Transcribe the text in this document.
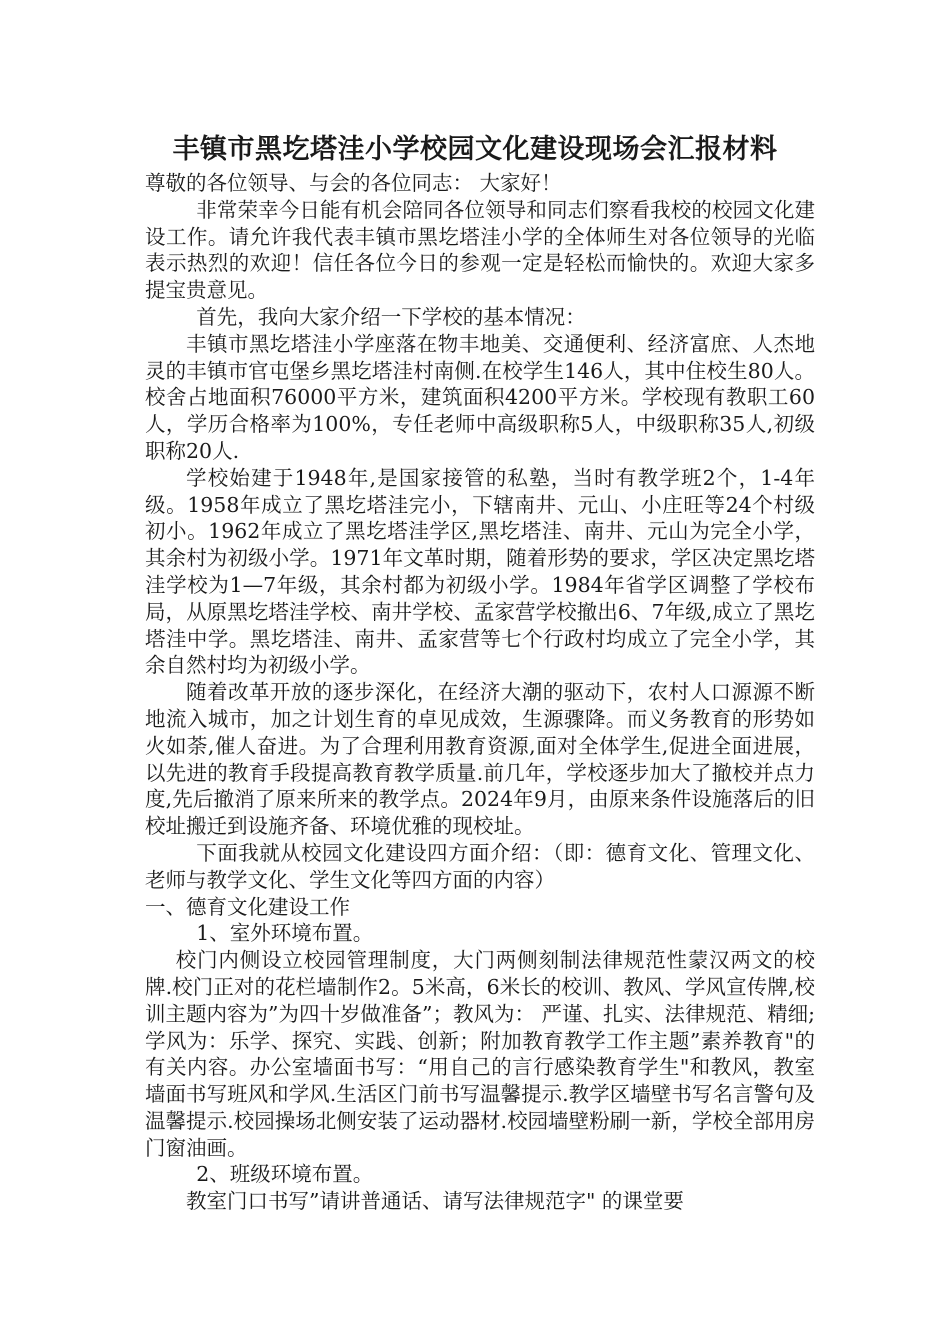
丰镇市黑圪塔洼小学校园文化建设现场会汇报材料

尊敬的各位领导、与会的各位同志： 大家好！

非常荣幸今日能有机会陪同各位领导和同志们察看我校的校园文化建设工作。请允许我代表丰镇市黑圪塔洼小学的全体师生对各位领导的光临表示热烈的欢迎！信任各位今日的参观一定是轻松而愉快的。欢迎大家多提宝贵意见。

首先，我向大家介绍一下学校的基本情况：

丰镇市黑圪塔洼小学座落在物丰地美、交通便利、经济富庶、人杰地灵的丰镇市官屯堡乡黑圪塔洼村南侧.在校学生146人，其中住校生80人。校舍占地面积76000平方米，建筑面积4200平方米。学校现有教职工60人，学历合格率为100%，专任老师中高级职称5人，中级职称35人,初级职称20人.

学校始建于1948年,是国家接管的私塾，当时有教学班2个，1-4年级。1958年成立了黑圪塔洼完小，下辖南井、元山、小庄旺等24个村级初小。1962年成立了黑圪塔洼学区,黑圪塔洼、南井、元山为完全小学，其余村为初级小学。1971年文革时期，随着形势的要求，学区决定黑圪塔洼学校为1—7年级，其余村都为初级小学。1984年省学区调整了学校布局，从原黑圪塔洼学校、南井学校、孟家营学校撤出6、7年级,成立了黑圪塔洼中学。黑圪塔洼、南井、孟家营等七个行政村均成立了完全小学，其余自然村均为初级小学。

随着改革开放的逐步深化，在经济大潮的驱动下，农村人口源源不断地流入城市，加之计划生育的卓见成效，生源骤降。而义务教育的形势如火如荼,催人奋进。为了合理利用教育资源,面对全体学生,促进全面进展，以先进的教育手段提高教育教学质量.前几年，学校逐步加大了撤校并点力度,先后撤消了原来所来的教学点。2024年9月，由原来条件设施落后的旧校址搬迁到设施齐备、环境优雅的现校址。

下面我就从校园文化建设四方面介绍：（即：德育文化、管理文化、老师与教学文化、学生文化等四方面的内容）

一、德育文化建设工作

1、室外环境布置。

校门内侧设立校园管理制度，大门两侧刻制法律规范性蒙汉两文的校牌.校门正对的花栏墙制作2。5米高，6米长的校训、教风、学风宣传牌,校训主题内容为”为四十岁做准备”；教风为： 严谨、扎实、法律规范、精细;学风为：乐学、探究、实践、创新；附加教育教学工作主题”素养教育"的有关内容。办公室墙面书写：“用自己的言行感染教育学生"和教风，教室墙面书写班风和学风.生活区门前书写温馨提示.教学区墙壁书写名言警句及温馨提示.校园操场北侧安装了运动器材.校园墙壁粉刷一新，学校全部用房门窗油画。

2、班级环境布置。

教室门口书写”请讲普通话、请写法律规范字" 的课堂要
